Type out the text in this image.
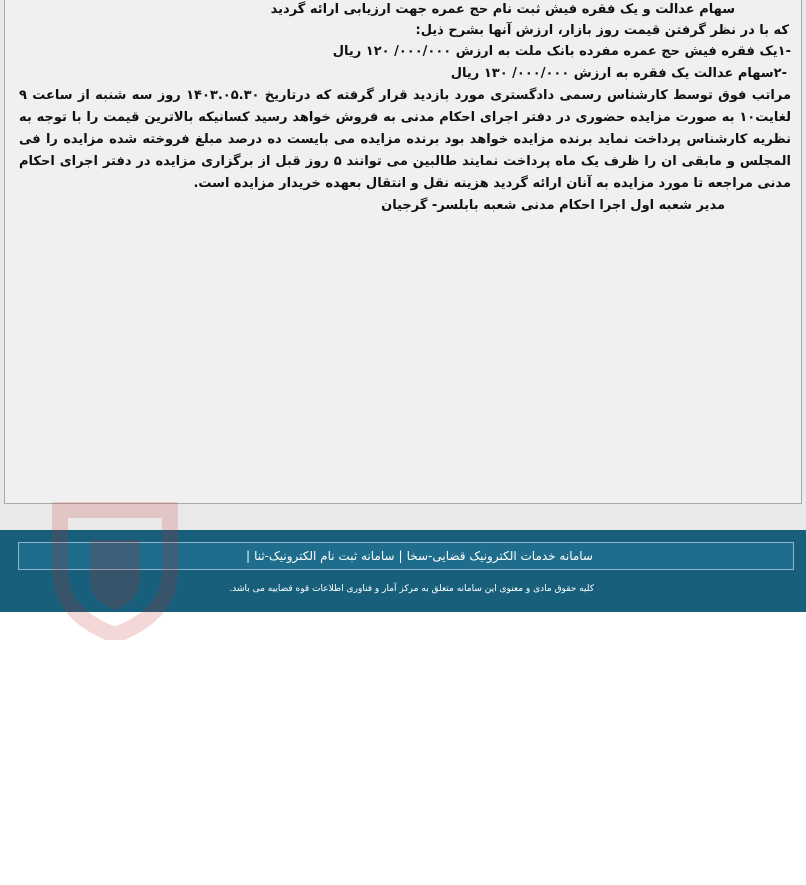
سهام عدالت و یک فقره فیش ثبت نام حج عمره جهت ارزیابی ارائه گردید

که با در نظر گرفتن قیمت روز بازار، ارزش آنها بشرح ذیل:

-۱یک فقره فیش حج عمره مفرده بانک ملت به ارزش ۰۰۰/۰۰۰/ ۱۲۰ ریال

-۲سهام عدالت یک فقره به ارزش ۰۰۰/۰۰۰/ ۱۳۰ ریال

مراتب فوق توسط کارشناس رسمی دادگستری مورد بازدید قرار گرفته که درتاریخ ۱۴۰۳.۰۵.۳۰ روز سه شنبه از ساعت ۹ لغایت۱۰ به صورت مزایده حضوری در دفتر اجرای احکام مدنی به فروش خواهد رسید کسانیکه بالاترین قیمت را با توجه به نظریه کارشناس پرداخت نماید برنده مزایده خواهد بود برنده مزایده می بایست ده درصد مبلغ فروخته شده مزایده را فی المجلس و مابقی ان را ظرف یک ماه پرداخت نمایند طالبین می توانند ۵ روز قبل از برگزاری مزایده در دفتر اجرای احکام مدنی مراجعه تا مورد مزایده به آنان ارائه گردید هزینه نقل و انتقال بعهده خریدار مزایده است.

مدیر شعبه اول اجرا احکام مدنی شعبه بابلسر- گرجیان

سامانه خدمات الکترونیک قضایی-سخا|سامانه ثبت نام الکترونیک-ثنا|
کلیه حقوق مادی و معنوی این سامانه متعلق به مرکز آمار و فناوری اطلاعات قوه قضاییه می باشد.
